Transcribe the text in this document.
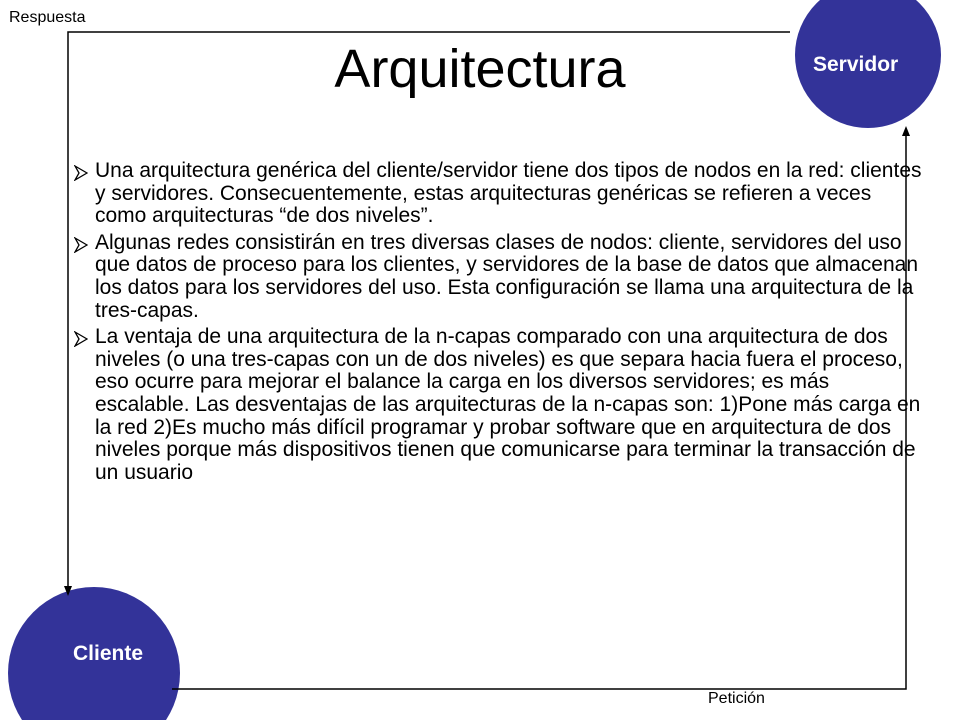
Respuesta
Petición
Servidor
Cliente
Arquitectura
Una arquitectura genérica del cliente/servidor tiene dos tipos de nodos en la red: clientes y servidores. Consecuentemente, estas arquitecturas genéricas se refieren a veces como arquitecturas “de dos niveles”.
Algunas redes consistirán en tres diversas clases de nodos: cliente, servidores del uso que datos de proceso para los clientes, y servidores de la base de datos que almacenan los datos para los servidores del uso. Esta configuración se llama una arquitectura de la tres-capas.
La ventaja de una arquitectura de la n-capas comparado con una arquitectura de dos niveles (o una tres-capas con un de dos niveles) es que separa hacia fuera el proceso, eso ocurre para mejorar el balance la carga en los diversos servidores; es más escalable. Las desventajas de las arquitecturas de la n-capas son: 1)Pone más carga en la red 2)Es mucho más difícil programar y probar software que en arquitectura de dos niveles porque más dispositivos tienen que comunicarse para terminar la transacción de un usuario
